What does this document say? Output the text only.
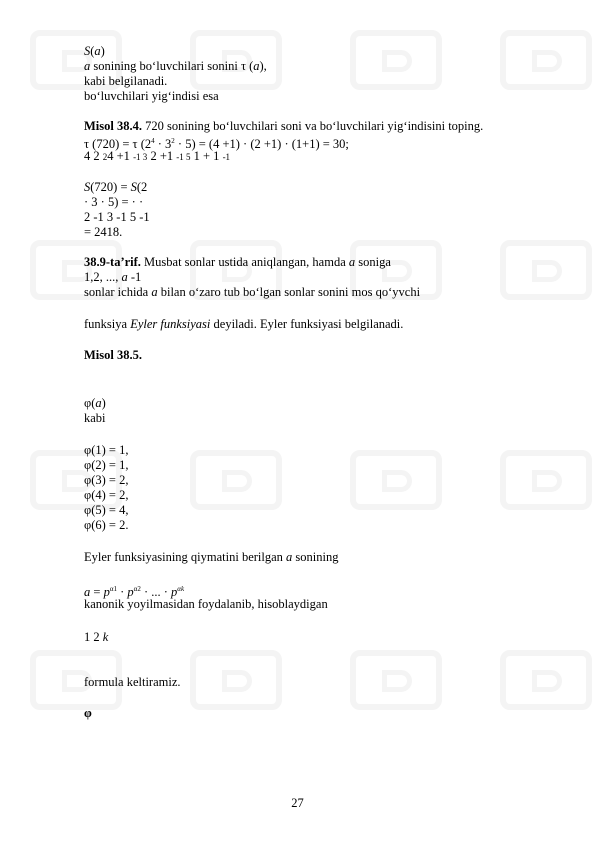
S(a)
a sonining bo‘luvchilari sonini τ (a),
kabi belgilanadi.
bo‘luvchilari yig‘indisi esa
Misol 38.4. 720 sonining bo‘luvchilari soni va bo‘luvchilari yig‘indisini toping.
τ (720) = τ $(2^4 \cdot 3^2 \cdot 5) = (4 +1) \cdot (2 +1) \cdot (1+1) = 30$;
4 2 24 +1 -1 3 2 +1 -1 5 1 + 1 -1
S(720) = S(2
· 3 · 5) = · ·
2 -1 3 -1 5 -1
= 2418.
38.9-ta’rif. Musbat sonlar ustida aniqlangan, hamda a soniga
1,2, ..., a -1
sonlar ichida a bilan o‘zaro tub bo‘lgan sonlar sonini mos qo‘yvchi
funksiya Eyler funksiyasi deyiladi. Eyler funksiyasi belgilanadi.
Misol 38.5.
φ(a)
kabi
φ(1) = 1,
φ(2) = 1,
φ(3) = 2,
φ(4) = 2,
φ(5) = 4,
φ(6) = 2.
Eyler funksiyasining qiymatini berilgan a sonining
$a = p^{\alpha 1} \cdot p^{\alpha 2}$ · ... · $p^{\alpha k}$
kanonik yoyilmasidan foydalanib, hisoblaydigan
1 2 k
formula keltiramiz.
φ
27
